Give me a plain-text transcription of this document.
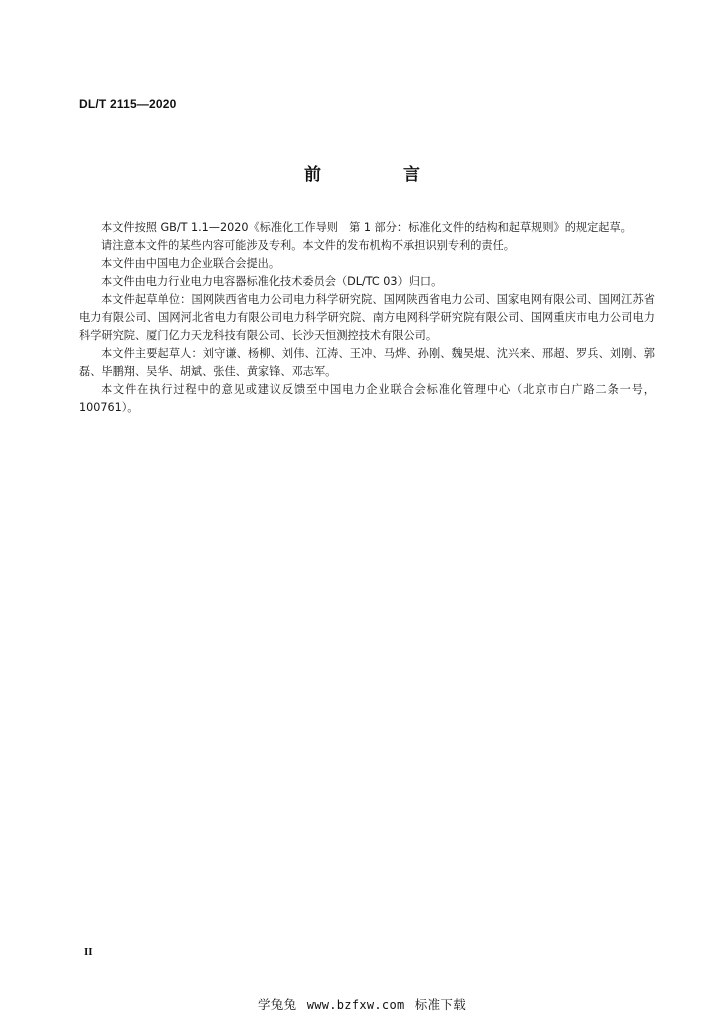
DL/T 2115—2020
前 言

本文件按照 GB/T 1.1—2020《标准化工作导则　第 1 部分：标准化文件的结构和起草规则》的规定起草。

请注意本文件的某些内容可能涉及专利。本文件的发布机构不承担识别专利的责任。

本文件由中国电力企业联合会提出。

本文件由电力行业电力电容器标准化技术委员会（DL/TC 03）归口。

本文件起草单位：国网陕西省电力公司电力科学研究院、国网陕西省电力公司、国家电网有限公司、国网江苏省电力有限公司、国网河北省电力有限公司电力科学研究院、南方电网科学研究院有限公司、国网重庆市电力公司电力科学研究院、厦门亿力天龙科技有限公司、长沙天恒测控技术有限公司。

本文件主要起草人：刘守谦、杨柳、刘伟、江涛、王冲、马烨、孙刚、魏昊焜、沈兴来、邢超、罗兵、刘刚、郭磊、毕鹏翔、吴华、胡斌、张佳、黄家锋、邓志军。

本文件在执行过程中的意见或建议反馈至中国电力企业联合会标准化管理中心（北京市白广路二条一号，100761）。

II
学兔兔 www.bzfxw.com 标准下载
